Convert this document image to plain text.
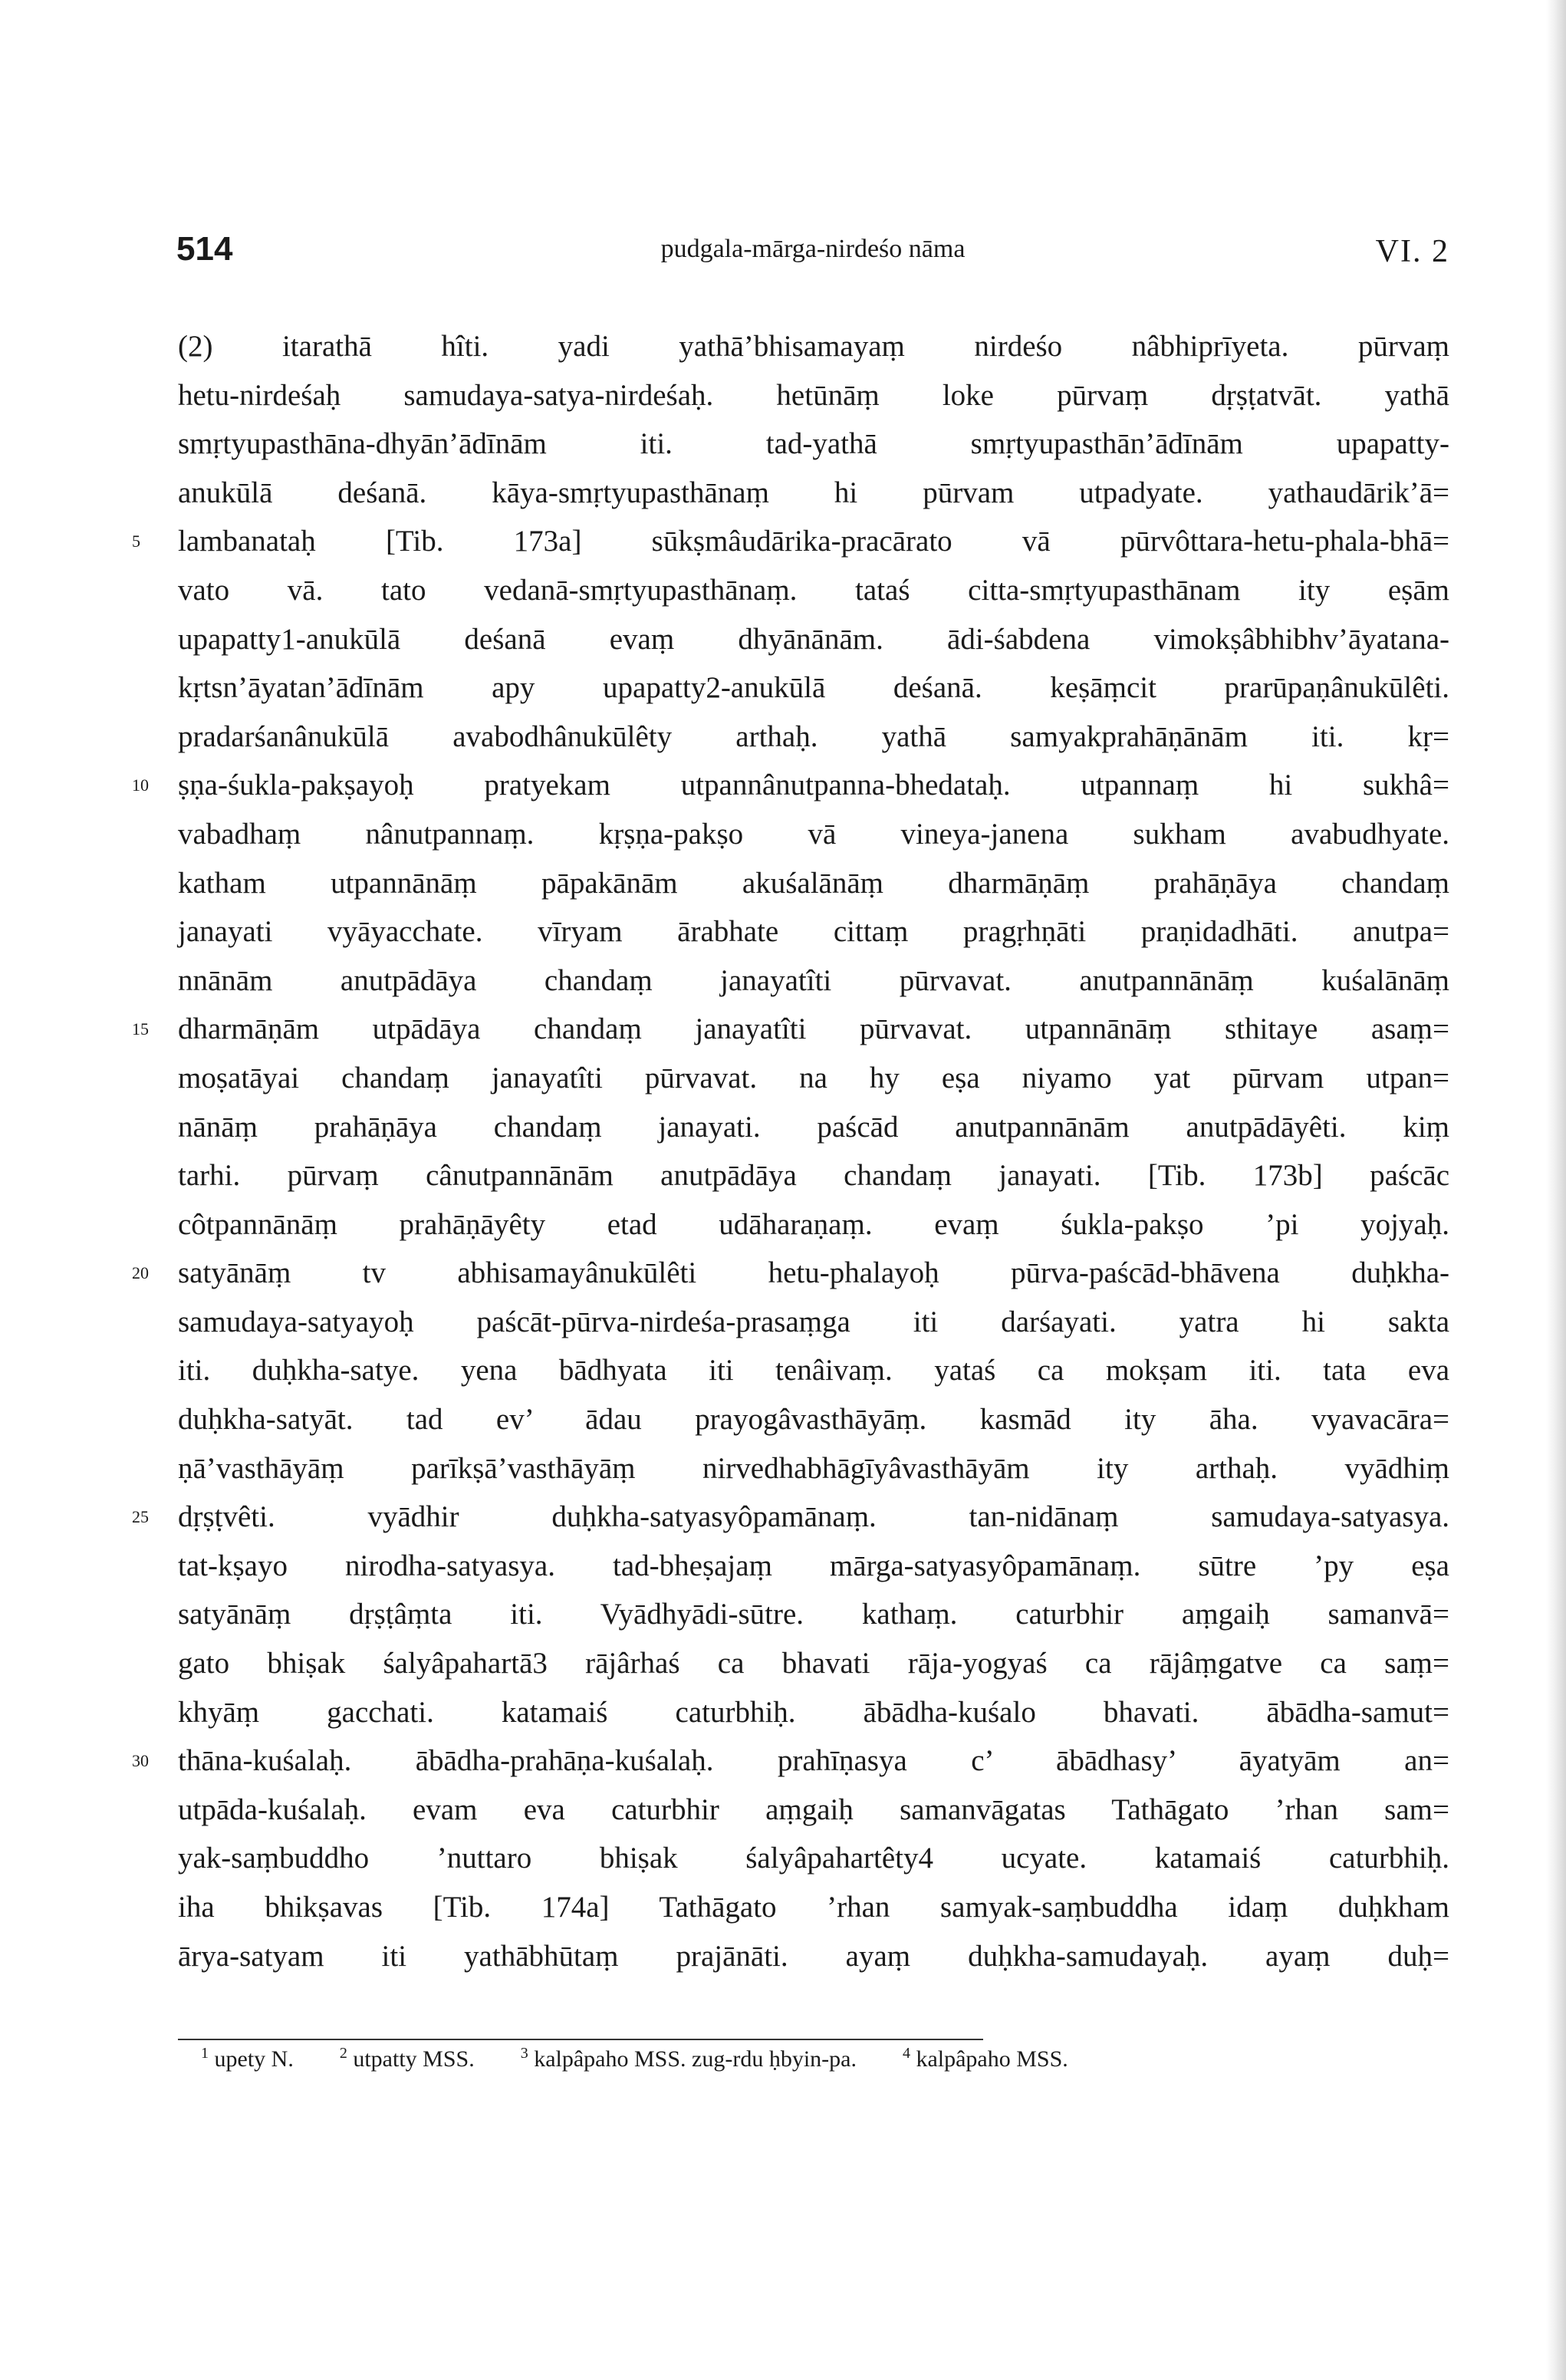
514	pudgala-mārga-nirdeśo nāma	VI. 2
(2) itarathā hîti. yadi yathā’bhisamayaṃ nirdeśo nâbhiprīyeta. pūrvaṃ
hetu-nirdeśaḥ samudaya-satya-nirdeśaḥ. hetūnāṃ loke pūrvaṃ dṛṣṭatvāt. yathā
smṛtyupasthāna-dhyān’ādīnām iti. tad-yathā smṛtyupasthān’ādīnām upapatty-
anukūlā deśanā. kāya-smṛtyupasthānaṃ hi pūrvam utpadyate. yathaudārik’ā=
5	lambanataḥ [Tib. 173a] sūkṣmâudārika-pracārato vā pūrvôttara-hetu-phala-bhā=
vato vā. tato vedanā-smṛtyupasthānaṃ. tataś citta-smṛtyupasthānam ity eṣām
upapatty1-anukūlā deśanā evaṃ dhyānānām. ādi-śabdena vimokṣâbhibhv’āyatana-
kṛtsn’āyatan’ādīnām apy upapatty2-anukūlā deśanā. keṣāṃcit prarūpaṇânukūlêti.
pradarśanânukūlā avabodhânukūlêty arthaḥ. yathā samyakprahāṇānām iti. kṛ=
10 ṣṇa-śukla-pakṣayoḥ pratyekam utpannânutpanna-bhedataḥ. utpannaṃ hi sukhâ=
vabadhaṃ nânutpannaṃ. kṛṣṇa-pakṣo vā vineya-janena sukham avabudhyate.
katham utpannānāṃ pāpakānām akuśalānāṃ dharmāṇāṃ prahāṇāya chandaṃ
janayati vyāyacchate. vīryam ārabhate cittaṃ pragṛhṇāti praṇidadhāti. anutpa=
nnānām anutpādāya chandaṃ janayatîti pūrvavat. anutpannānāṃ kuśalānāṃ
15 dharmāṇām utpādāya chandaṃ janayatîti pūrvavat. utpannānāṃ sthitaye asaṃ=
moṣatāyai chandaṃ janayatîti pūrvavat. na hy eṣa niyamo yat pūrvam utpan=
nānāṃ prahāṇāya chandaṃ janayati. paścād anutpannānām anutpādāyêti. kiṃ
tarhi. pūrvaṃ cânutpannānām anutpādāya chandaṃ janayati. [Tib. 173b] paścāc
côtpannānāṃ prahāṇāyêty etad udāharaṇaṃ. evaṃ śukla-pakṣo ’pi yojyaḥ.
20 satyānāṃ tv abhisamayânukūlêti hetu-phalayoḥ pūrva-paścād-bhāvena duḥkha-
samudaya-satyayoḥ paścāt-pūrva-nirdeśa-prasaṃga iti darśayati. yatra hi sakta
iti. duḥkha-satye. yena bādhyata iti tenâivaṃ. yataś ca mokṣam iti. tata eva
duḥkha-satyāt. tad ev’ ādau prayogâvasthāyāṃ. kasmād ity āha. vyavacāra=
ṇā’vasthāyāṃ parīkṣā’vasthāyāṃ nirvedhabhāgīyâvasthāyām ity arthaḥ. vyādhiṃ
25 dṛṣṭvêti. vyādhir duḥkha-satyasyôpamānaṃ. tan-nidānaṃ samudaya-satyasya.
tat-kṣayo nirodha-satyasya. tad-bheṣajaṃ mārga-satyasyôpamānaṃ. sūtre ’py eṣa
satyānāṃ dṛṣṭâṃta iti. Vyādhyādi-sūtre. kathaṃ. caturbhir aṃgaiḥ samanvā=
gato bhiṣak śalyâpahartā3 rājârhaś ca bhavati rāja-yogyaś ca rājâṃgatve ca saṃ=
khyāṃ gacchati. katamaiś caturbhiḥ. ābādha-kuśalo bhavati. ābādha-samut=
30 thāna-kuśalaḥ. ābādha-prahāṇa-kuśalaḥ. prahīṇasya c’ ābādhasy’ āyatyām an=
utpāda-kuśalaḥ. evam eva caturbhir aṃgaiḥ samanvāgatas Tathāgato ’rhan sam=
yak-saṃbuddho ’nuttaro bhiṣak śalyâpahartêty4 ucyate. katamaiś caturbhiḥ.
iha bhikṣavas [Tib. 174a] Tathāgato ’rhan samyak-saṃbuddha idaṃ duḥkham
ārya-satyam iti yathābhūtaṃ prajānāti. ayaṃ duḥkha-samudayaḥ. ayaṃ duḥ=
$^1$ upety N.	$^2$ utpatty MSS.	$^3$ kalpâpaho MSS. zug-rdu ḥbyin-pa.	$^4$ kalpâpaho MSS.
